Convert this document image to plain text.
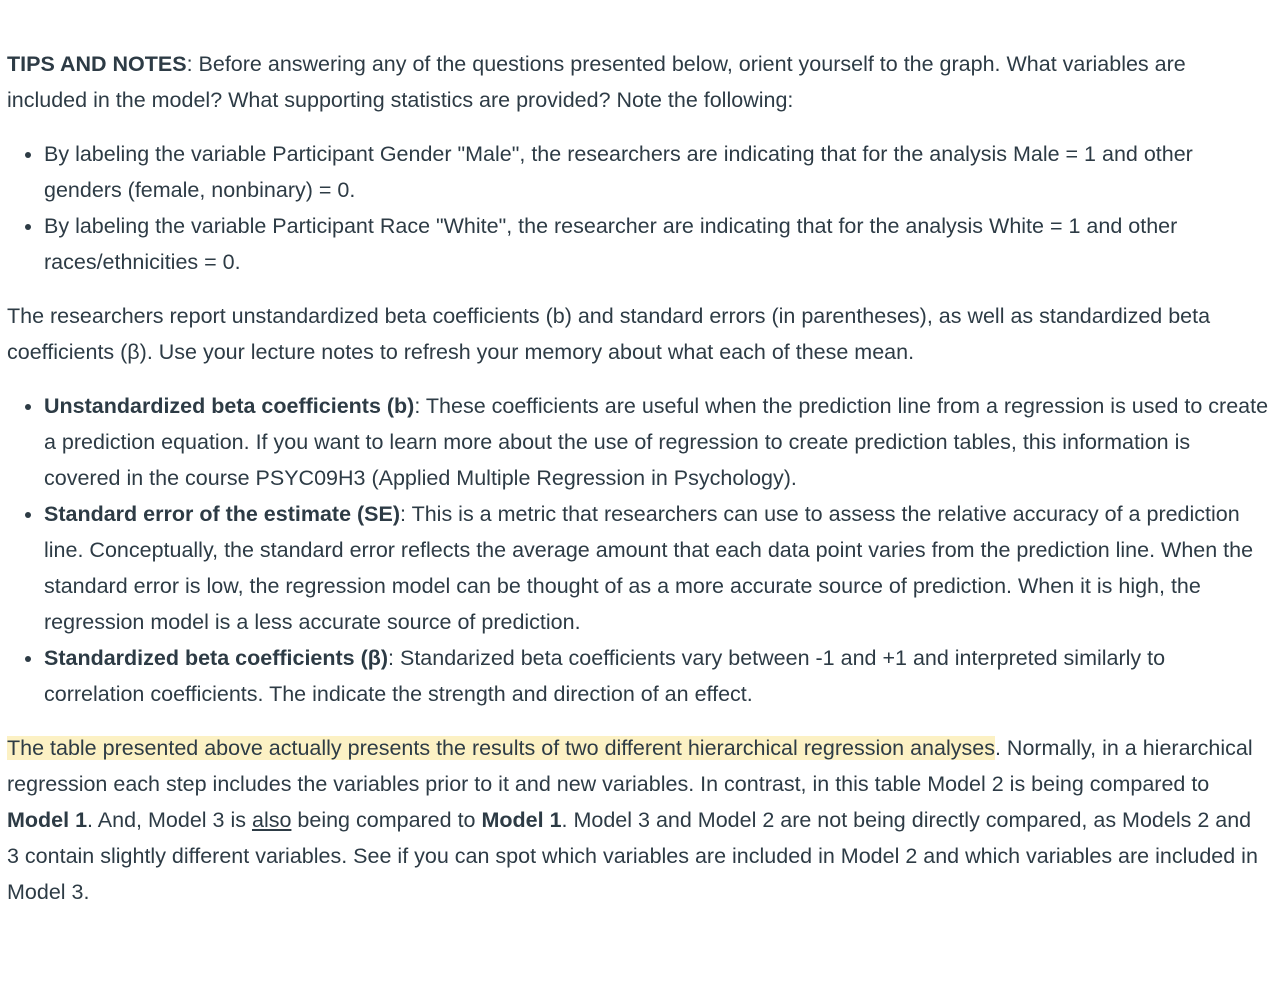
TIPS AND NOTES: Before answering any of the questions presented below, orient yourself to the graph. What variables are included in the model? What supporting statistics are provided? Note the following:

• By labeling the variable Participant Gender "Male", the researchers are indicating that for the analysis Male = 1 and other genders (female, nonbinary) = 0.
• By labeling the variable Participant Race "White", the researcher are indicating that for the analysis White = 1 and other races/ethnicities = 0.

The researchers report unstandardized beta coefficients (b) and standard errors (in parentheses), as well as standardized beta coefficients (β). Use your lecture notes to refresh your memory about what each of these mean.

• Unstandardized beta coefficients (b): These coefficients are useful when the prediction line from a regression is used to create a prediction equation. If you want to learn more about the use of regression to create prediction tables, this information is covered in the course PSYC09H3 (Applied Multiple Regression in Psychology).
• Standard error of the estimate (SE): This is a metric that researchers can use to assess the relative accuracy of a prediction line. Conceptually, the standard error reflects the average amount that each data point varies from the prediction line. When the standard error is low, the regression model can be thought of as a more accurate source of prediction. When it is high, the regression model is a less accurate source of prediction.
• Standardized beta coefficients (β): Standarized beta coefficients vary between -1 and +1 and interpreted similarly to correlation coefficients. The indicate the strength and direction of an effect.

The table presented above actually presents the results of two different hierarchical regression analyses. Normally, in a hierarchical regression each step includes the variables prior to it and new variables. In contrast, in this table Model 2 is being compared to Model 1. And, Model 3 is also being compared to Model 1. Model 3 and Model 2 are not being directly compared, as Models 2 and 3 contain slightly different variables. See if you can spot which variables are included in Model 2 and which variables are included in Model 3.
